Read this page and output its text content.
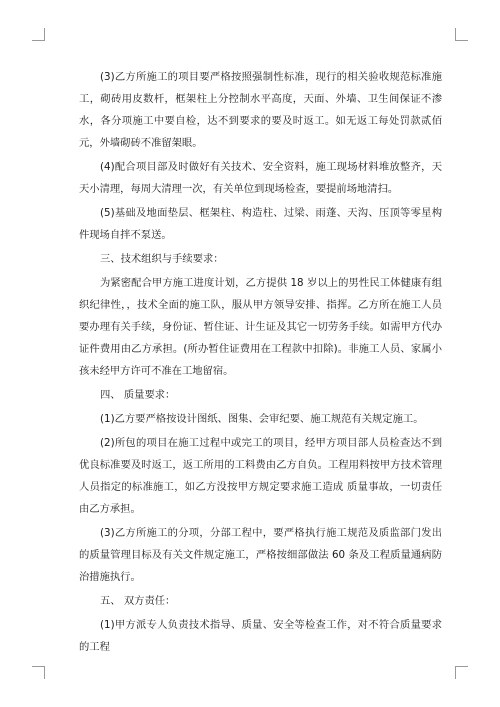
(3)乙方所施工的项目要严格按照强制性标准，现行的相关验收规范标准施工，砌砖用皮数杆，框架柱上分控制水平高度，天面、外墙、卫生间保证不渗水，各分项施工中要自检，达不到要求的要及时返工。如无返工每处罚款贰佰元，外墙砌砖不准留架眼。

(4)配合项目部及时做好有关技术、安全资料，施工现场材料堆放整齐，天天小清理，每周大清理一次，有关单位到现场检查，要提前场地清扫。

(5)基础及地面垫层、框架柱、构造柱、过梁、雨蓬、天沟、压顶等零星构件现场自拌不泵送。

三、技术组织与手续要求：

为紧密配合甲方施工进度计划，乙方提供 18 岁以上的男性民工体健康有组织纪律性，，技术全面的施工队，服从甲方领导安排、指挥。乙方所在施工人员要办理有关手续，身份证、暂住证、计生证及其它一切劳务手续。如需甲方代办证件费用由乙方承担。(所办暂住证费用在工程款中扣除)。非施工人员、家属小孩未经甲方许可不准在工地留宿。

四、 质量要求：

(1)乙方要严格按设计图纸、图集、会审纪要、施工规范有关规定施工。

(2)所包的项目在施工过程中或完工的项目，经甲方项目部人员检查达不到优良标准要及时返工，返工所用的工料费由乙方自负。工程用料按甲方技术管理人员指定的标准施工，如乙方没按甲方规定要求施工造成 质量事故，一切责任由乙方承担。

(3)乙方所施工的分项，分部工程中，要严格执行施工规范及质监部门发出的质量管理目标及有关文件规定施工，严格按细部做法 60 条及工程质量通病防治措施执行。

五、 双方责任：

(1)甲方派专人负责技术指导、质量、安全等检查工作，对不符合质量要求的工程
